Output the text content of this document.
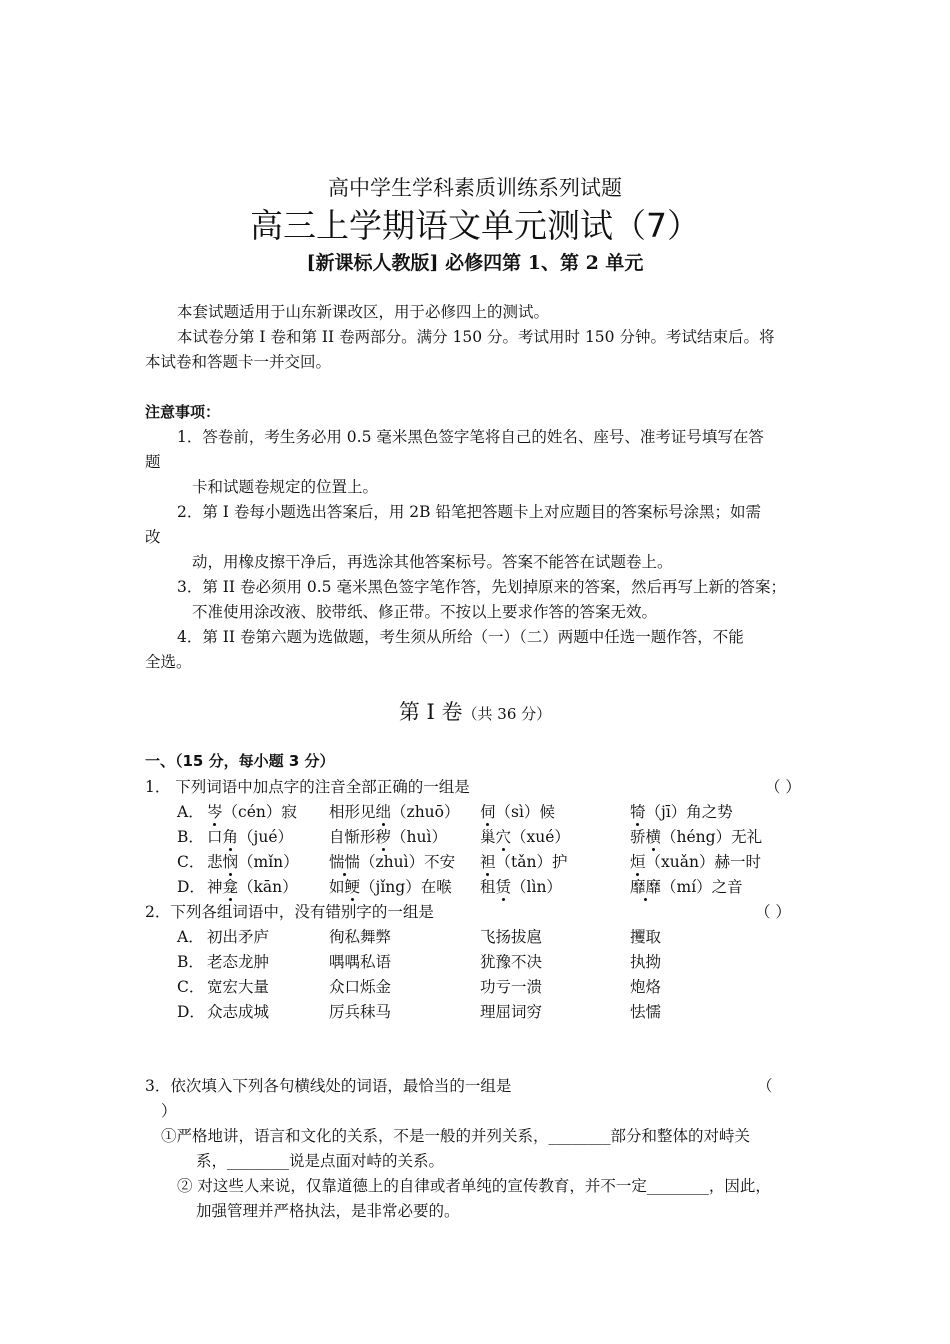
高中学生学科素质训练系列试题
高三上学期语文单元测试（7）
[新课标人教版] 必修四第 1、第 2 单元
本套试题适用于山东新课改区，用于必修四上的测试。
本试卷分第 I 卷和第 II 卷两部分。满分 150 分。考试用时 150 分钟。考试结束后。将
本试卷和答题卡一并交回。
注意事项：
1．答卷前，考生务必用 0.5 毫米黑色签字笔将自己的姓名、座号、准考证号填写在答
题
卡和试题卷规定的位置上。
2．第 I 卷每小题选出答案后，用 2B 铅笔把答题卡上对应题目的答案标号涂黑；如需
改
动，用橡皮擦干净后，再选涂其他答案标号。答案不能答在试题卷上。
3．第 II 卷必须用 0.5 毫米黑色签字笔作答，先划掉原来的答案，然后再写上新的答案；
不准使用涂改液、胶带纸、修正带。不按以上要求作答的答案无效。
4．第 II 卷第六题为选做题，考生须从所给（一）（二）两题中任选一题作答，不能
全选。
第 I 卷（共 36 分）
一、（15 分，每小题 3 分）
1． 下列词语中加点字的注音全部正确的一组是	（ ）
A． 岑（cén）寂 相形见绌（zhuō） 伺（sì）候	犄（jī）角之势
B． 口角（jué） 自惭形秽（huì） 巢穴（xué）	骄横（héng）无礼
C． 悲悯（mǐn） 惴惴（zhuì）不安 袒（tǎn）护	烜（xuǎn）赫一时
D． 神龛（kān） 如鲠（jǐng）在喉 租赁（lìn）	靡靡（mí）之音
2．下列各组词语中，没有错别字的一组是	（ ）
A． 初出矛庐	徇私舞弊	飞扬拔扈	攫取
B． 老态龙肿	喁喁私语	犹豫不决	执拗
C． 宽宏大量	众口烁金	功亏一溃	炮烙
D． 众志成城	厉兵秣马	理屈词穷	怯懦
3．依次填入下列各句横线处的词语，最恰当的一组是	（
）
①严格地讲，语言和文化的关系，不是一般的并列关系，________部分和整体的对峙关
系，________说是点面对峙的关系。
② 对这些人来说，仅靠道德上的自律或者单纯的宣传教育，并不一定________，因此，
加强管理并严格执法，是非常必要的。
